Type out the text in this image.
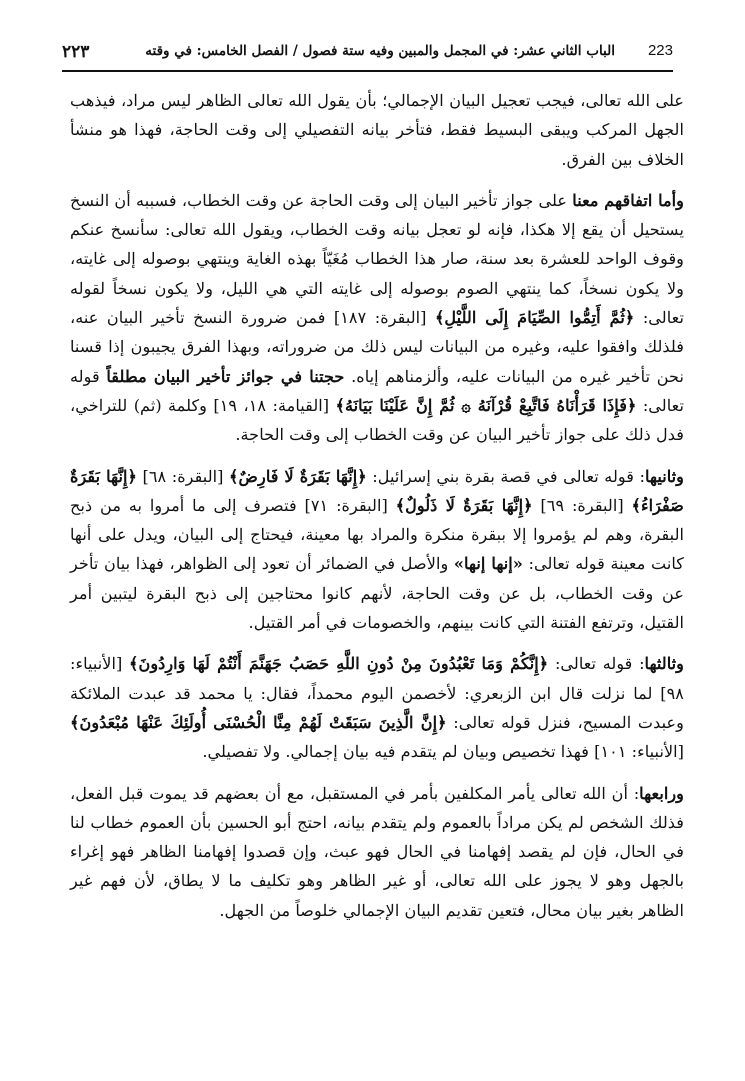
٢٢٣	الباب الثاني عشر: في المجمل والمبين وفيه ستة فصول / الفصل الخامس: في وقته 223

على الله تعالى، فيجب تعجيل البيان الإجمالي؛ بأن يقول الله تعالى الظاهر ليس مراد، فيذهب الجهل المركب ويبقى البسيط فقط، فتأخر بيانه التفصيلي إلى وقت الحاجة، فهذا هو منشأ الخلاف بين الفرق.

وأما اتفاقهم معنا على جواز تأخير البيان إلى وقت الحاجة عن وقت الخطاب، فسببه أن النسخ يستحيل أن يقع إلا هكذا، فإنه لو تعجل بيانه وقت الخطاب، ويقول الله تعالى: سأنسخ عنكم وقوف الواحد للعشرة بعد سنة، صار هذا الخطاب مُغَيّاً بهذه الغاية وينتهي بوصوله إلى غايته، ولا يكون نسخاً، كما ينتهي الصوم بوصوله إلى غايته التي هي الليل، ولا يكون نسخاً لقوله تعالى: ﴿ثُمَّ أَتِمُّوا الصِّيَامَ إِلَى اللَّيْلِ﴾ [البقرة: ١٨٧] فمن ضرورة النسخ تأخير البيان عنه، فلذلك وافقوا عليه، وغيره من البيانات ليس ذلك من ضروراته، وبهذا الفرق يجيبون إذا قسنا نحن تأخير غيره من البيانات عليه، وألزمناهم إياه. حجتنا في جوائز تأخير البيان مطلقاً قوله تعالى: ﴿فَإِذَا قَرَأْنَاهُ فَاتَّبِعْ قُرْآنَهُ ۞ ثُمَّ إِنَّ عَلَيْنَا بَيَانَهُ﴾ [القيامة: ١٨، ١٩] وكلمة (ثم) للتراخي، فدل ذلك على جواز تأخير البيان عن وقت الخطاب إلى وقت الحاجة.

وثانيها: قوله تعالى في قصة بقرة بني إسرائيل: ﴿إِنَّهَا بَقَرَةٌ لَا فَارِضٌ﴾ [البقرة: ٦٨] ﴿إِنَّهَا بَقَرَةٌ صَفْرَاءُ﴾ [البقرة: ٦٩] ﴿إِنَّهَا بَقَرَةٌ لَا ذَلُولٌ﴾ [البقرة: ٧١] فتصرف إلى ما أمروا به من ذبح البقرة، وهم لم يؤمروا إلا ببقرة منكرة والمراد بها معينة، فيحتاج إلى البيان، ويدل على أنها كانت معينة قوله تعالى: «إنها إنها» والأصل في الضمائر أن تعود إلى الظواهر، فهذا بيان تأخر عن وقت الخطاب، بل عن وقت الحاجة، لأنهم كانوا محتاجين إلى ذبح البقرة ليتبين أمر القتيل، وترتفع الفتنة التي كانت بينهم، والخصومات في أمر القتيل.

وثالثها: قوله تعالى: ﴿إِنَّكُمْ وَمَا تَعْبُدُونَ مِنْ دُونِ اللَّهِ حَصَبُ جَهَنَّمَ أَنْتُمْ لَهَا وَارِدُونَ﴾ [الأنبياء: ٩٨] لما نزلت قال ابن الزبعري: لأخصمن اليوم محمداً، فقال: يا محمد قد عبدت الملائكة وعبدت المسيح، فنزل قوله تعالى: ﴿إِنَّ الَّذِينَ سَبَقَتْ لَهُمْ مِنَّا الْحُسْنَى أُولَئِكَ عَنْهَا مُبْعَدُونَ﴾ [الأنبياء: ١٠١] فهذا تخصيص وبيان لم يتقدم فيه بيان إجمالي. ولا تفصيلي.

ورابعها: أن الله تعالى يأمر المكلفين بأمر في المستقبل، مع أن بعضهم قد يموت قبل الفعل، فذلك الشخص لم يكن مراداً بالعموم ولم يتقدم بيانه، احتج أبو الحسين بأن العموم خطاب لنا في الحال، فإن لم يقصد إفهامنا في الحال فهو عبث، وإن قصدوا إفهامنا الظاهر فهو إغراء بالجهل وهو لا يجوز على الله تعالى، أو غير الظاهر وهو تكليف ما لا يطاق، لأن فهم غير الظاهر بغير بيان محال، فتعين تقديم البيان الإجمالي خلوصاً من الجهل.
